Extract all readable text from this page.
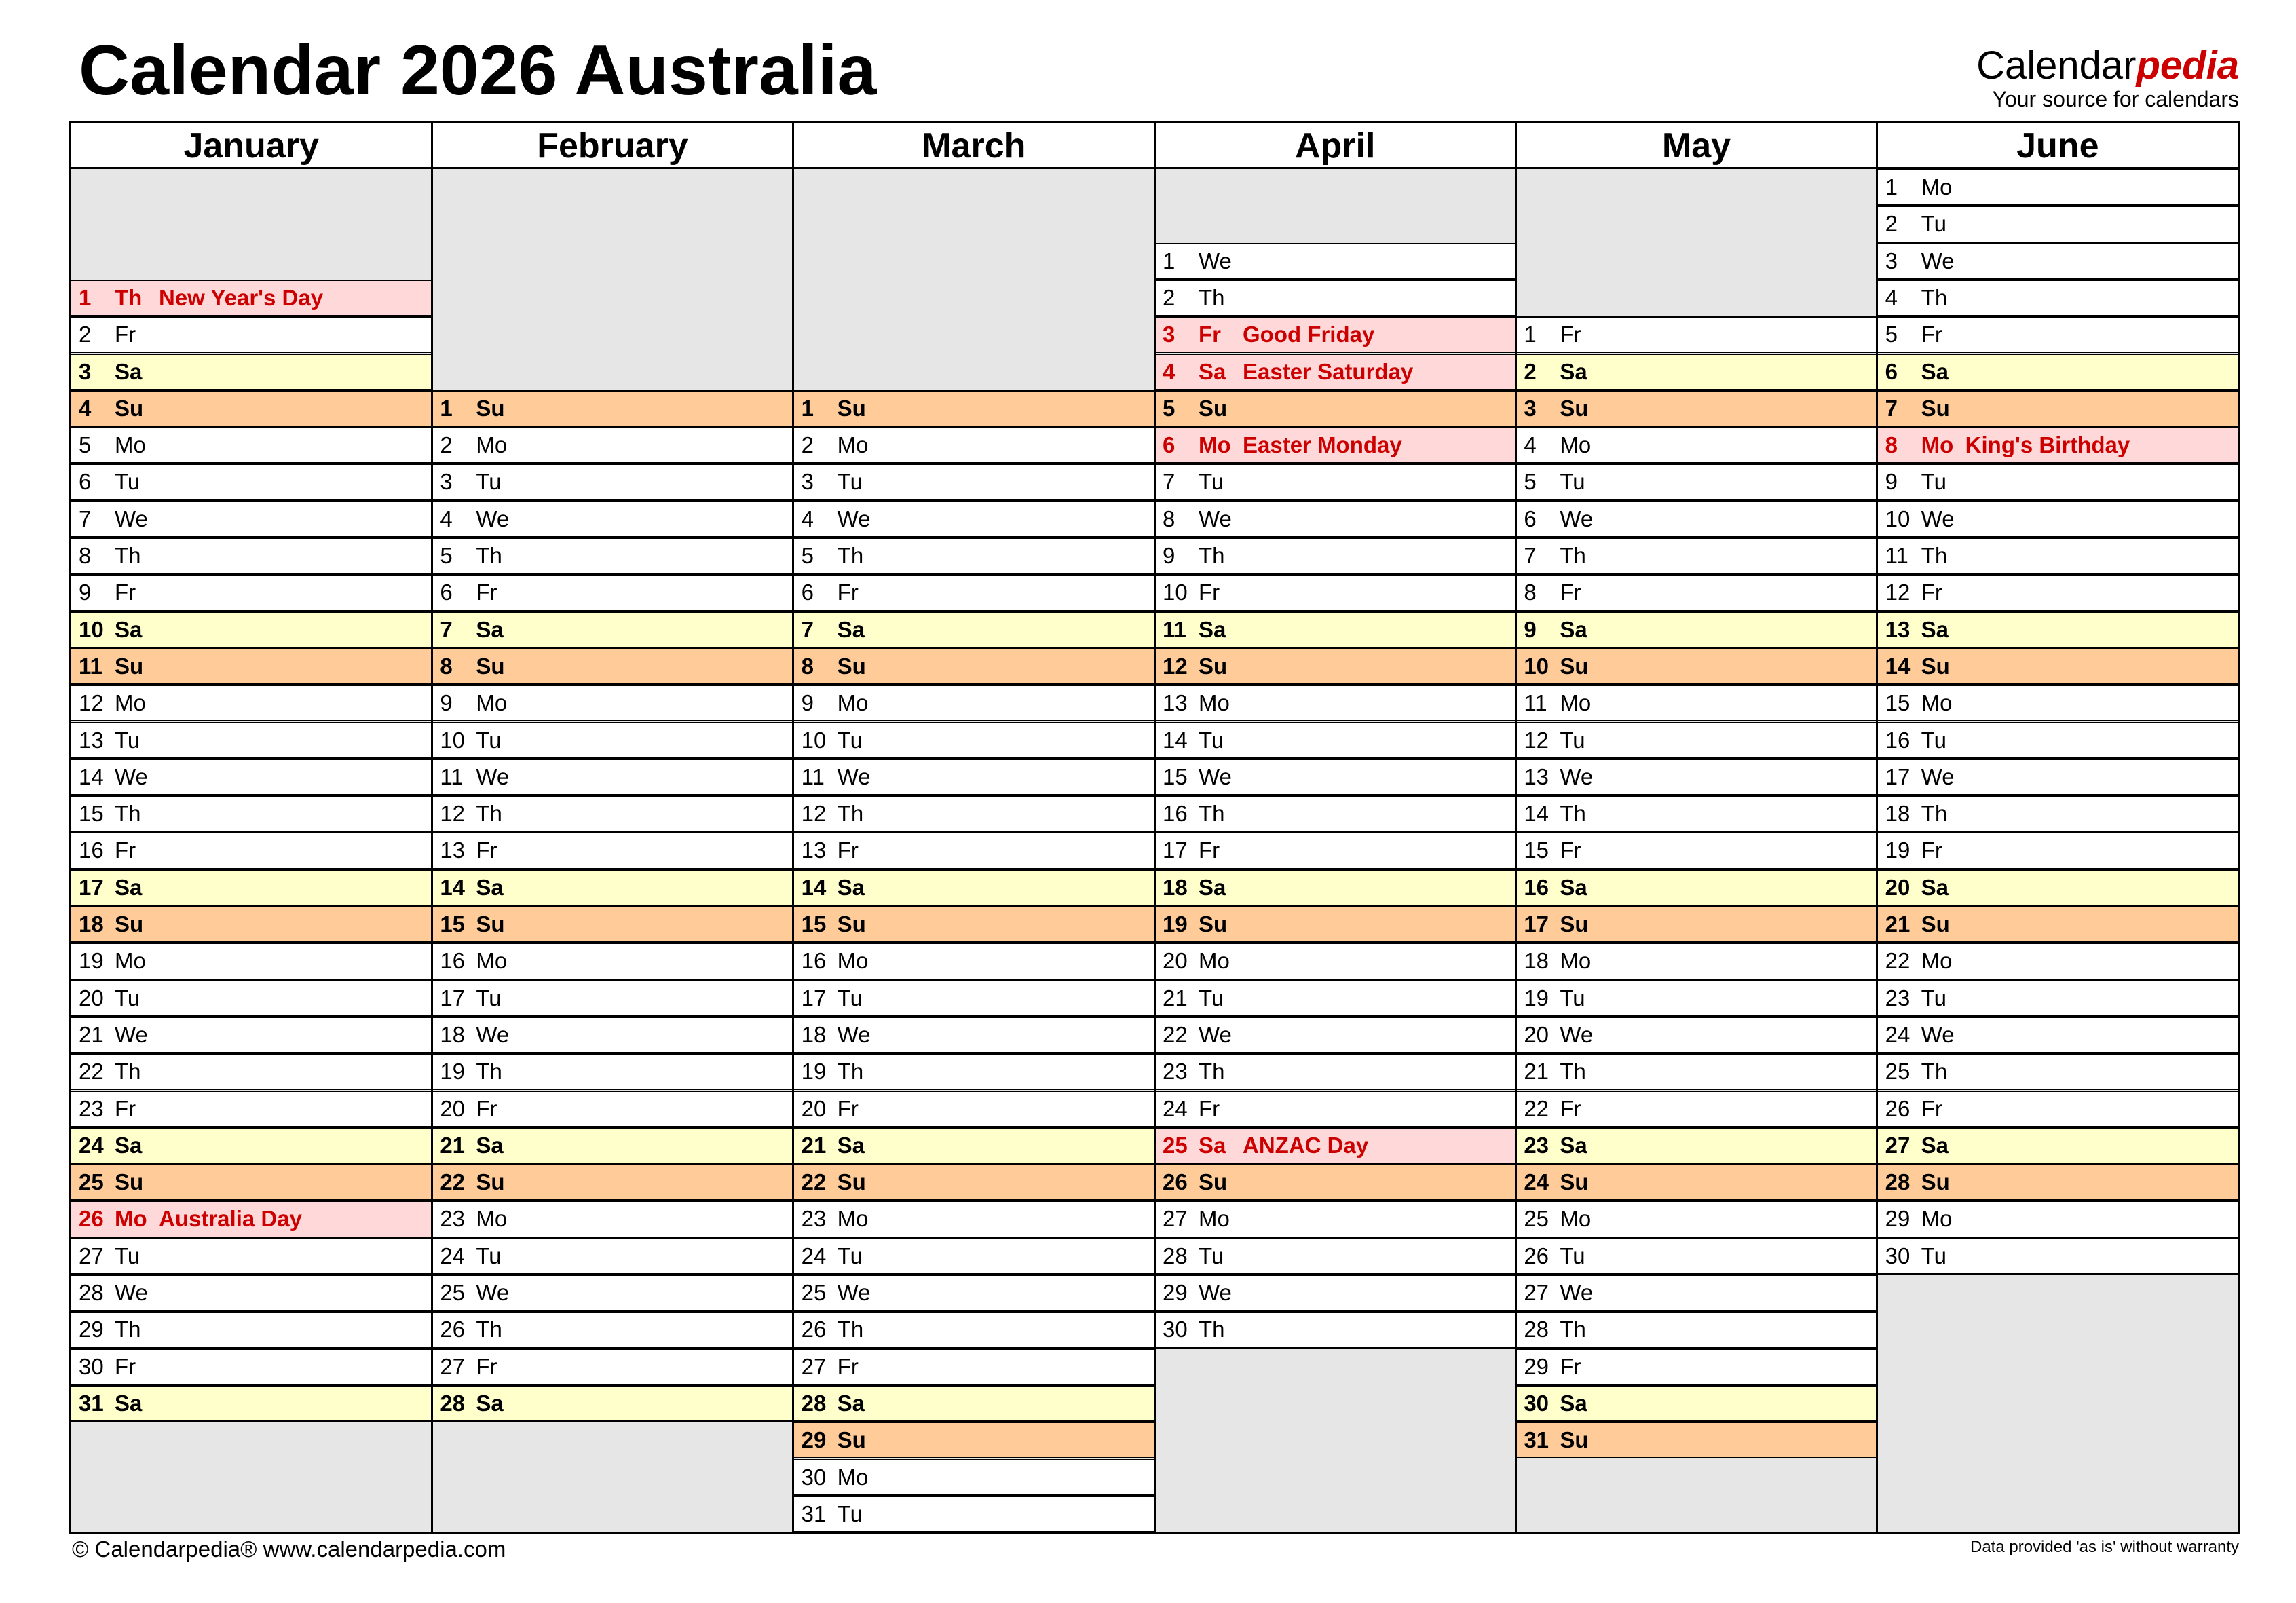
Calendar 2026 Australia	Calendarpedia
Your source for calendars
January
1 Th New Year's Day
2 Fr
3 Sa
4 Su
5 Mo
6 Tu
7 We
8 Th
9 Fr
10 Sa
11 Su
12 Mo
13 Tu
14 We
15 Th
16 Fr
17 Sa
18 Su
19 Mo
20 Tu
21 We
22 Th
23 Fr
24 Sa
25 Su
26 Mo Australia Day
27 Tu
28 We
29 Th
30 Fr
31 Sa
February
1 Su
2 Mo
3 Tu
4 We
5 Th
6 Fr
7 Sa
8 Su
9 Mo
10 Tu
11 We
12 Th
13 Fr
14 Sa
15 Su
16 Mo
17 Tu
18 We
19 Th
20 Fr
21 Sa
22 Su
23 Mo
24 Tu
25 We
26 Th
27 Fr
28 Sa
March
1 Su
2 Mo
3 Tu
4 We
5 Th
6 Fr
7 Sa
8 Su
9 Mo
10 Tu
11 We
12 Th
13 Fr
14 Sa
15 Su
16 Mo
17 Tu
18 We
19 Th
20 Fr
21 Sa
22 Su
23 Mo
24 Tu
25 We
26 Th
27 Fr
28 Sa
29 Su
30 Mo
31 Tu
April
1 We
2 Th
3 Fr Good Friday
4 Sa Easter Saturday
5 Su
6 Mo Easter Monday
7 Tu
8 We
9 Th
10 Fr
11 Sa
12 Su
13 Mo
14 Tu
15 We
16 Th
17 Fr
18 Sa
19 Su
20 Mo
21 Tu
22 We
23 Th
24 Fr
25 Sa ANZAC Day
26 Su
27 Mo
28 Tu
29 We
30 Th
May
1 Fr
2 Sa
3 Su
4 Mo
5 Tu
6 We
7 Th
8 Fr
9 Sa
10 Su
11 Mo
12 Tu
13 We
14 Th
15 Fr
16 Sa
17 Su
18 Mo
19 Tu
20 We
21 Th
22 Fr
23 Sa
24 Su
25 Mo
26 Tu
27 We
28 Th
29 Fr
30 Sa
31 Su
June
1 Mo
2 Tu
3 We
4 Th
5 Fr
6 Sa
7 Su
8 Mo King's Birthday
9 Tu
10 We
11 Th
12 Fr
13 Sa
14 Su
15 Mo
16 Tu
17 We
18 Th
19 Fr
20 Sa
21 Su
22 Mo
23 Tu
24 We
25 Th
26 Fr
27 Sa
28 Su
29 Mo
30 Tu
© Calendarpedia® www.calendarpedia.com	Data provided 'as is' without warranty
